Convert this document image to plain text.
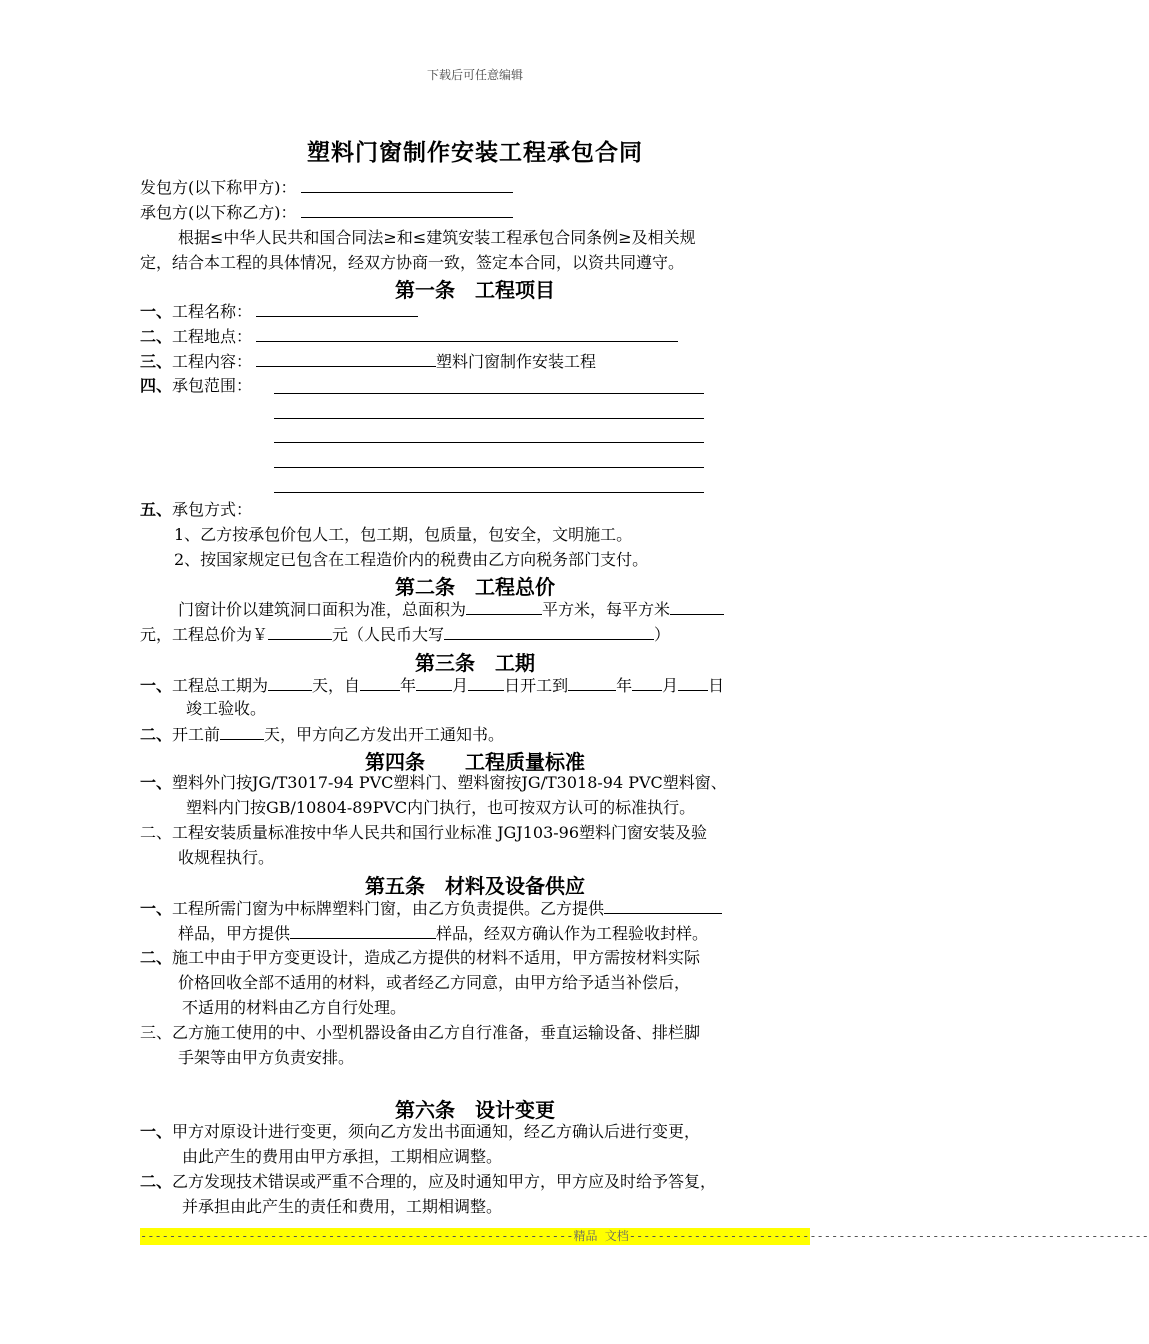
下载后可任意编辑
塑料门窗制作安装工程承包合同
发包方(以下称甲方)：
承包方(以下称乙方)：
根据≤中华人民共和国合同法≥和≤建筑安装工程承包合同条例≥及相关规
定，结合本工程的具体情况，经双方协商一致，签定本合同，以资共同遵守。
第一条　工程项目
一、工程名称：
二、工程地点：
三、工程内容：	塑料门窗制作安装工程
四、承包范围：
五、承包方式：
1、乙方按承包价包人工，包工期，包质量，包安全，文明施工。
2、按国家规定已包含在工程造价内的税费由乙方向税务部门支付。
第二条　工程总价
门窗计价以建筑洞口面积为准，总面积为	平方米，每平方米
元，工程总价为￥	元（人民币大写	）
第三条　工期
一、工程总工期为	天，自	年 月 日开工到	年 月 日
竣工验收。
二、开工前	天，甲方向乙方发出开工通知书。
第四条　　工程质量标准
一、塑料外门按JG/T3017-94 PVC塑料门、塑料窗按JG/T3018-94 PVC塑料窗、
塑料内门按GB/10804-89PVC内门执行，也可按双方认可的标准执行。
二、工程安装质量标准按中华人民共和国行业标准 JGJ103-96塑料门窗安装及验
收规程执行。
第五条　材料及设备供应
一、工程所需门窗为中标牌塑料门窗，由乙方负责提供。乙方提供
样品，甲方提供	样品，经双方确认作为工程验收封样。
二、施工中由于甲方变更设计，造成乙方提供的材料不适用，甲方需按材料实际
价格回收全部不适用的材料，或者经乙方同意，由甲方给予适当补偿后，
不适用的材料由乙方自行处理。
三、乙方施工使用的中、小型机器设备由乙方自行准备，垂直运输设备、排栏脚
手架等由甲方负责安排。
第六条　设计变更
一、甲方对原设计进行变更，须向乙方发出书面通知，经乙方确认后进行变更，
由此产生的费用由甲方承担，工期相应调整。
二、乙方发现技术错误或严重不合理的，应及时通知甲方，甲方应及时给予答复，
并承担由此产生的责任和费用，工期相调整。
------------------------------------------------------------精品 文档------------------------------------------------------------------------
